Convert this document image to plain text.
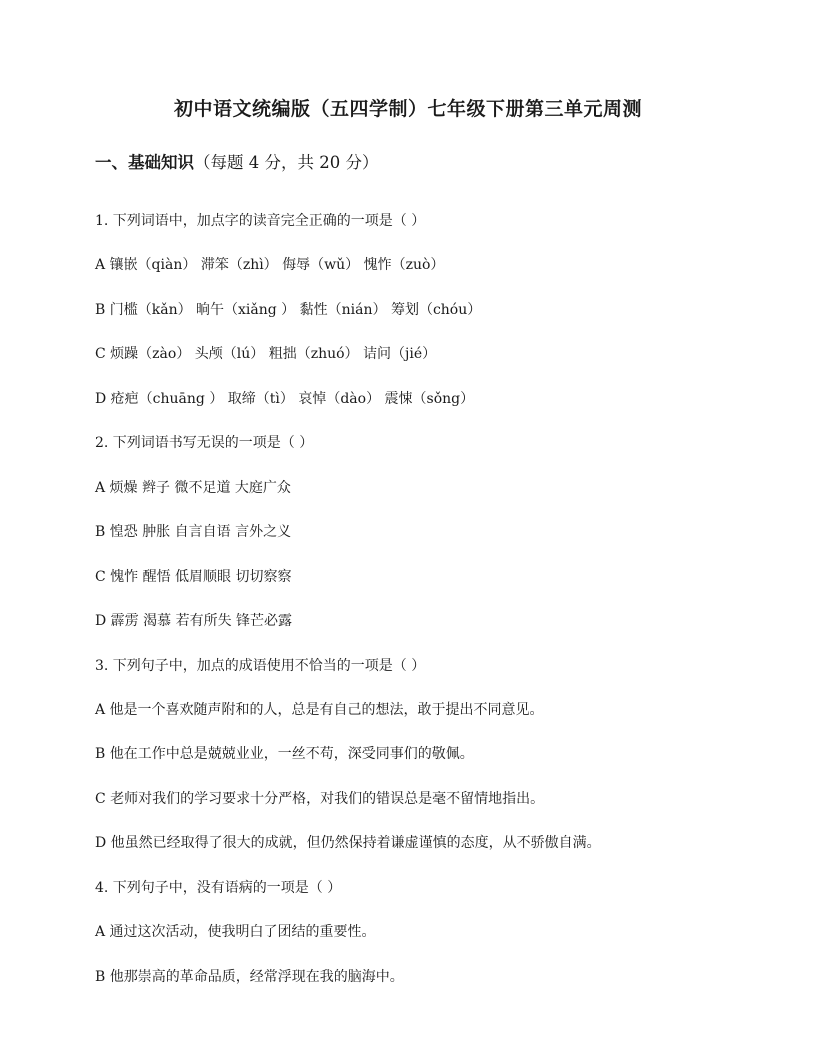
初中语文统编版（五四学制）七年级下册第三单元周测

一、基础知识（每题 4 分，共 20 分）

1. 下列词语中，加点字的读音完全正确的一项是（ ）
A 镶嵌（qiàn） 滞笨（zhì） 侮辱（wǔ） 愧怍（zuò）
B 门槛（kǎn） 晌午（xiǎng ） 黏性（nián） 筹划（chóu）
C 烦躁（zào） 头颅（lú） 粗拙（zhuó） 诘问（jié）
D 疮疤（chuāng ） 取缔（tì） 哀悼（dào） 震悚（sǒng）
2. 下列词语书写无误的一项是（ ）
A 烦燥 辫子 微不足道 大庭广众
B 惶恐 肿胀 自言自语 言外之义
C 愧怍 醒悟 低眉顺眼 切切察察
D 霹雳 渴慕 若有所失 锋芒必露
3. 下列句子中，加点的成语使用不恰当的一项是（ ）
A 他是一个喜欢随声附和的人，总是有自己的想法，敢于提出不同意见。
B 他在工作中总是兢兢业业，一丝不苟，深受同事们的敬佩。
C 老师对我们的学习要求十分严格，对我们的错误总是毫不留情地指出。
D 他虽然已经取得了很大的成就，但仍然保持着谦虚谨慎的态度，从不骄傲自满。
4. 下列句子中，没有语病的一项是（ ）
A 通过这次活动，使我明白了团结的重要性。
B 他那崇高的革命品质，经常浮现在我的脑海中。
